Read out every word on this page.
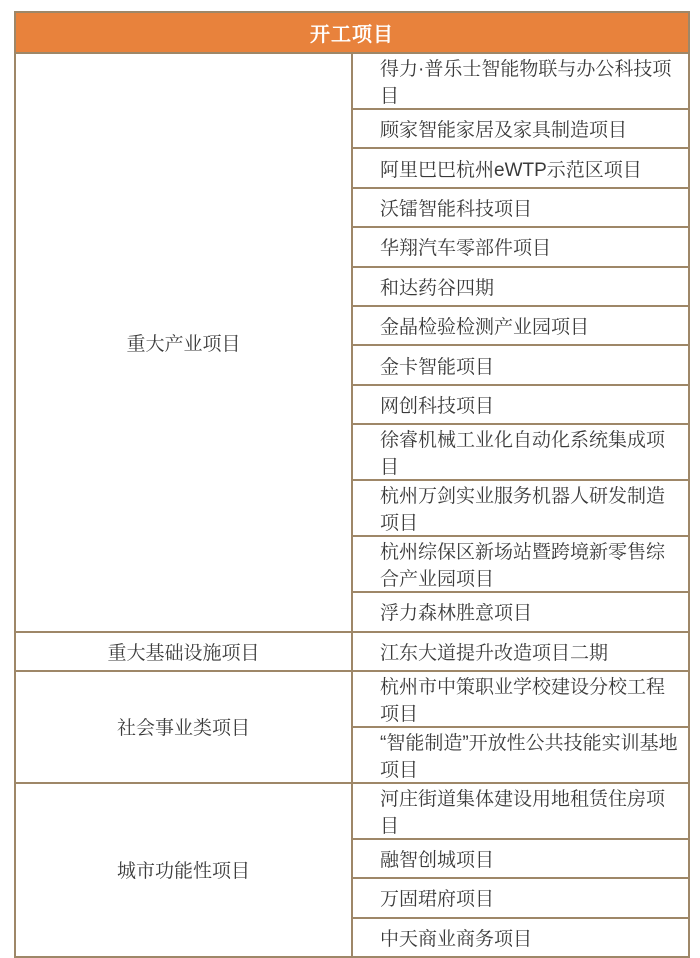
开工项目	
重大产业项目	得力·普乐士智能物联与办公科技项目
	顾家智能家居及家具制造项目
	阿里巴巴杭州eWTP示范区项目
	沃镭智能科技项目
	华翔汽车零部件项目
	和达药谷四期
	金晶检验检测产业园项目
	金卡智能项目
	网创科技项目
	徐睿机械工业化自动化系统集成项目
	杭州万剑实业服务机器人研发制造项目
	杭州综保区新场站暨跨境新零售综合产业园项目
	浮力森林胜意项目
重大基础设施项目	江东大道提升改造项目二期
社会事业类项目	杭州市中策职业学校建设分校工程项目
	“智能制造”开放性公共技能实训基地项目
城市功能性项目	河庄街道集体建设用地租赁住房项目
	融智创城项目
	万固珺府项目
	中天商业商务项目
